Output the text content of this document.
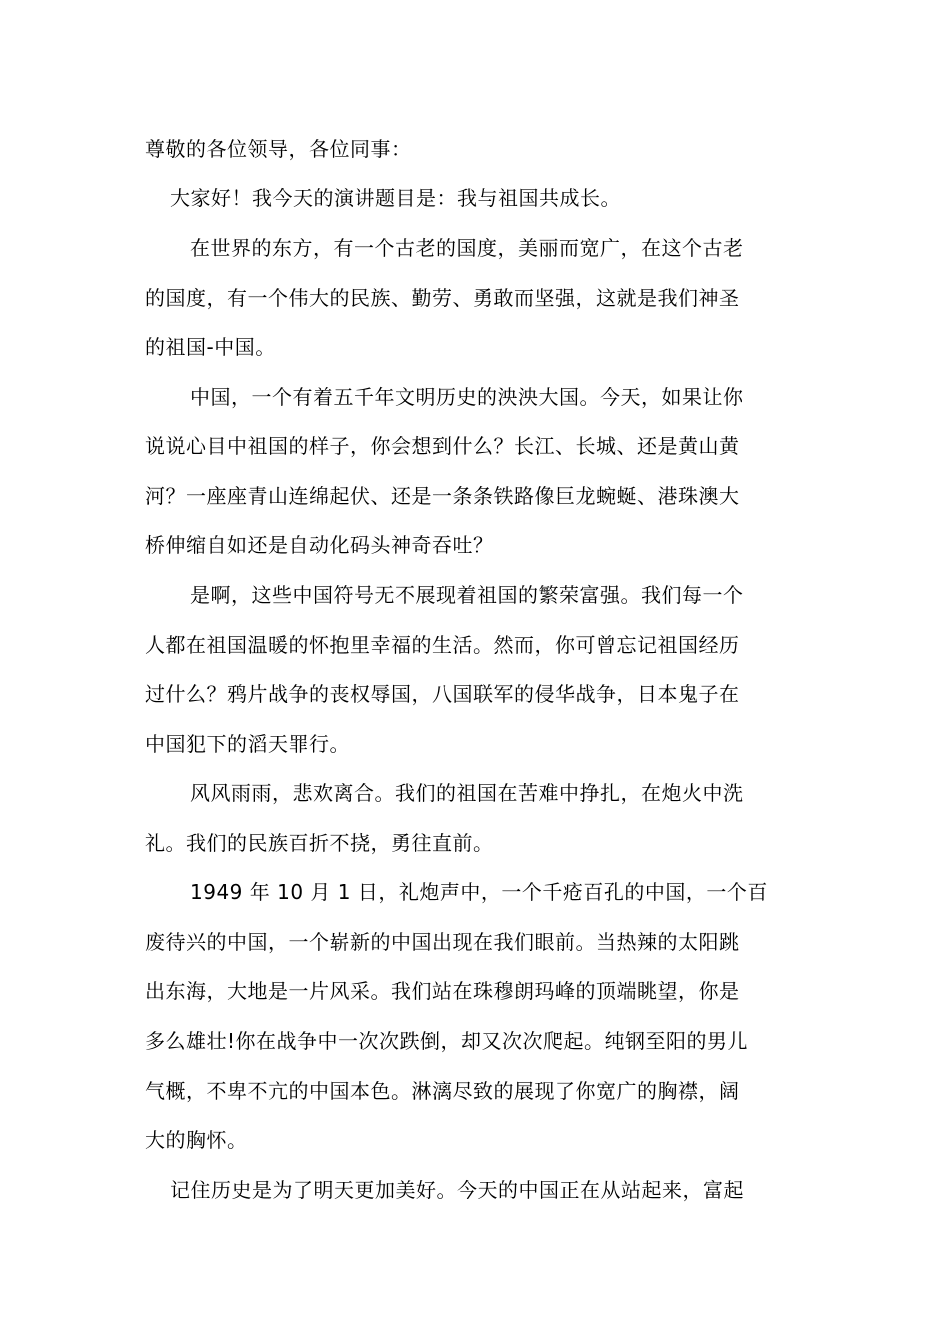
尊敬的各位领导，各位同事：
大家好！我今天的演讲题目是：我与祖国共成长。
在世界的东方，有一个古老的国度，美丽而宽广，在这个古老
的国度，有一个伟大的民族、勤劳、勇敢而坚强，这就是我们神圣
的祖国-中国。
中国，一个有着五千年文明历史的泱泱大国。今天，如果让你
说说心目中祖国的样子，你会想到什么？长江、长城、还是黄山黄
河？一座座青山连绵起伏、还是一条条铁路像巨龙蜿蜒、港珠澳大
桥伸缩自如还是自动化码头神奇吞吐？
是啊，这些中国符号无不展现着祖国的繁荣富强。我们每一个
人都在祖国温暖的怀抱里幸福的生活。然而，你可曾忘记祖国经历
过什么？鸦片战争的丧权辱国，八国联军的侵华战争，日本鬼子在
中国犯下的滔天罪行。
风风雨雨，悲欢离合。我们的祖国在苦难中挣扎，在炮火中洗
礼。我们的民族百折不挠，勇往直前。
1949 年 10 月 1 日，礼炮声中，一个千疮百孔的中国，一个百
废待兴的中国，一个崭新的中国出现在我们眼前。当热辣的太阳跳
出东海，大地是一片风采。我们站在珠穆朗玛峰的顶端眺望，你是
多么雄壮!你在战争中一次次跌倒，却又次次爬起。纯钢至阳的男儿
气概，不卑不亢的中国本色。淋漓尽致的展现了你宽广的胸襟，阔
大的胸怀。
记住历史是为了明天更加美好。今天的中国正在从站起来，富起
